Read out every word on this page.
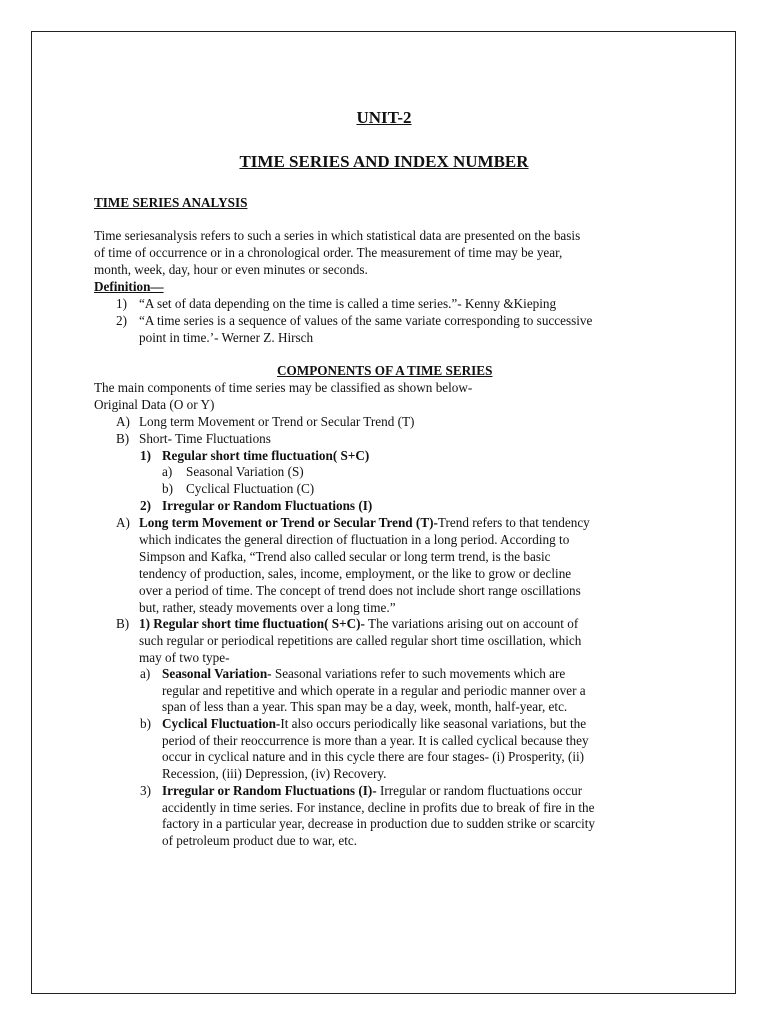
UNIT-2
TIME SERIES AND INDEX NUMBER
TIME SERIES ANALYSIS
Time seriesanalysis refers to such a series in which statistical data are presented on the basis
of time of occurrence or in a chronological order. The measurement of time may be year,
month, week, day, hour or even minutes or seconds.
Definition—
1) “A set of data depending on the time is called a time series.”- Kenny &Kieping
2) “A time series is a sequence of values of the same variate corresponding to successive
point in time.’- Werner Z. Hirsch
COMPONENTS OF A TIME SERIES
The main components of time series may be classified as shown below-
Original Data (O or Y)
A) Long term Movement or Trend or Secular Trend (T)
B) Short- Time Fluctuations
1) Regular short time fluctuation( S+C)
a) Seasonal Variation (S)
b) Cyclical Fluctuation (C)
2) Irregular or Random Fluctuations (I)
A) Long term Movement or Trend or Secular Trend (T)-Trend refers to that tendency
which indicates the general direction of fluctuation in a long period. According to
Simpson and Kafka, “Trend also called secular or long term trend, is the basic
tendency of production, sales, income, employment, or the like to grow or decline
over a period of time. The concept of trend does not include short range oscillations
but, rather, steady movements over a long time.”
B) 1) Regular short time fluctuation( S+C)- The variations arising out on account of
such regular or periodical repetitions are called regular short time oscillation, which
may of two type-
a) Seasonal Variation- Seasonal variations refer to such movements which are
regular and repetitive and which operate in a regular and periodic manner over a
span of less than a year. This span may be a day, week, month, half-year, etc.
b) Cyclical Fluctuation-It also occurs periodically like seasonal variations, but the
period of their reoccurrence is more than a year. It is called cyclical because they
occur in cyclical nature and in this cycle there are four stages- (i) Prosperity, (ii)
Recession, (iii) Depression, (iv) Recovery.
3) Irregular or Random Fluctuations (I)- Irregular or random fluctuations occur
accidently in time series. For instance, decline in profits due to break of fire in the
factory in a particular year, decrease in production due to sudden strike or scarcity
of petroleum product due to war, etc.
